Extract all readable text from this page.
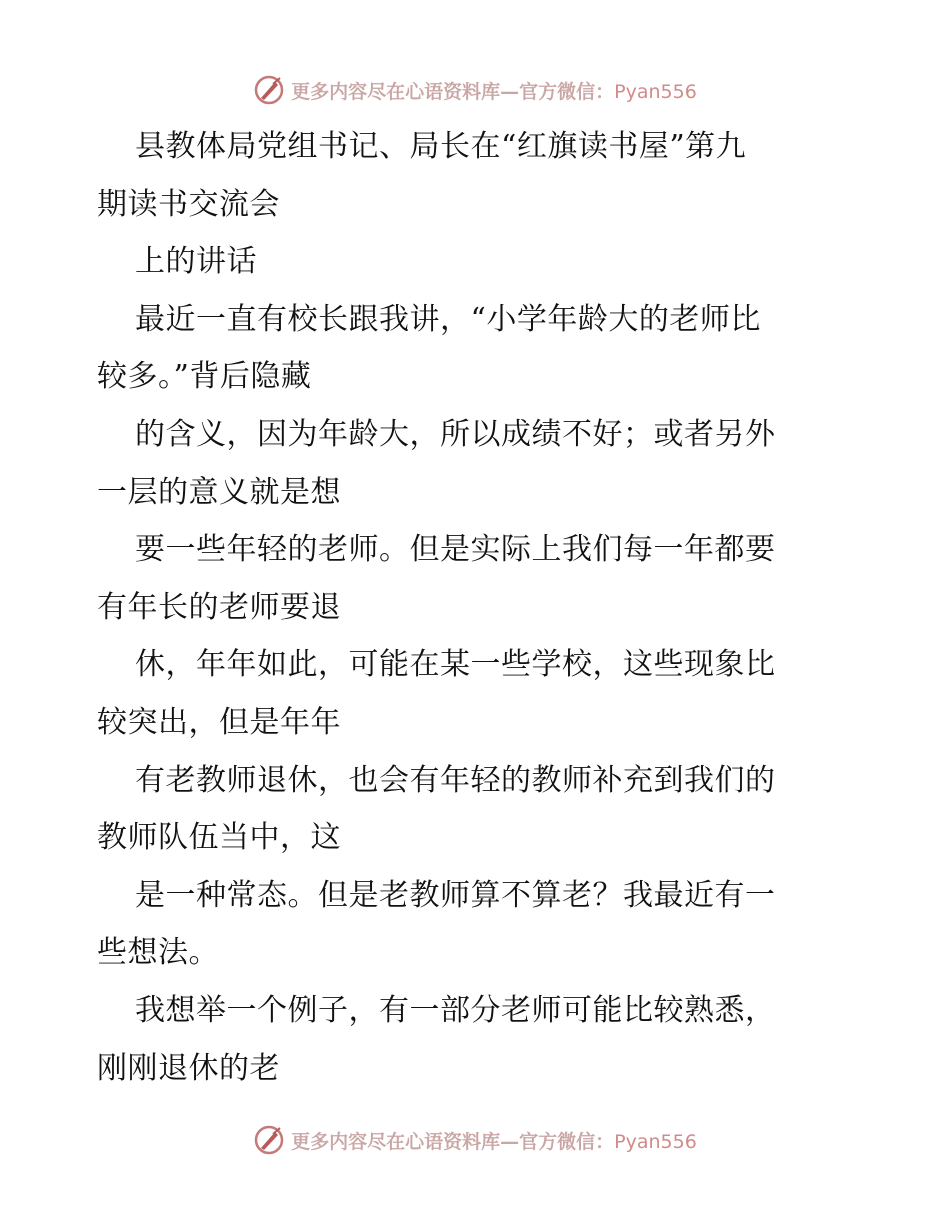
更多内容尽在心语资料库—官方微信：Pyan556
县教体局党组书记、局长在“红旗读书屋”第九
期读书交流会
上的讲话
最近一直有校长跟我讲，“小学年龄大的老师比
较多。”背后隐藏
的含义，因为年龄大，所以成绩不好；或者另外
一层的意义就是想
要一些年轻的老师。但是实际上我们每一年都要
有年长的老师要退
休，年年如此，可能在某一些学校，这些现象比
较突出，但是年年
有老教师退休，也会有年轻的教师补充到我们的
教师队伍当中，这
是一种常态。但是老教师算不算老？我最近有一
些想法。
我想举一个例子，有一部分老师可能比较熟悉，
刚刚退休的老
更多内容尽在心语资料库—官方微信：Pyan556
